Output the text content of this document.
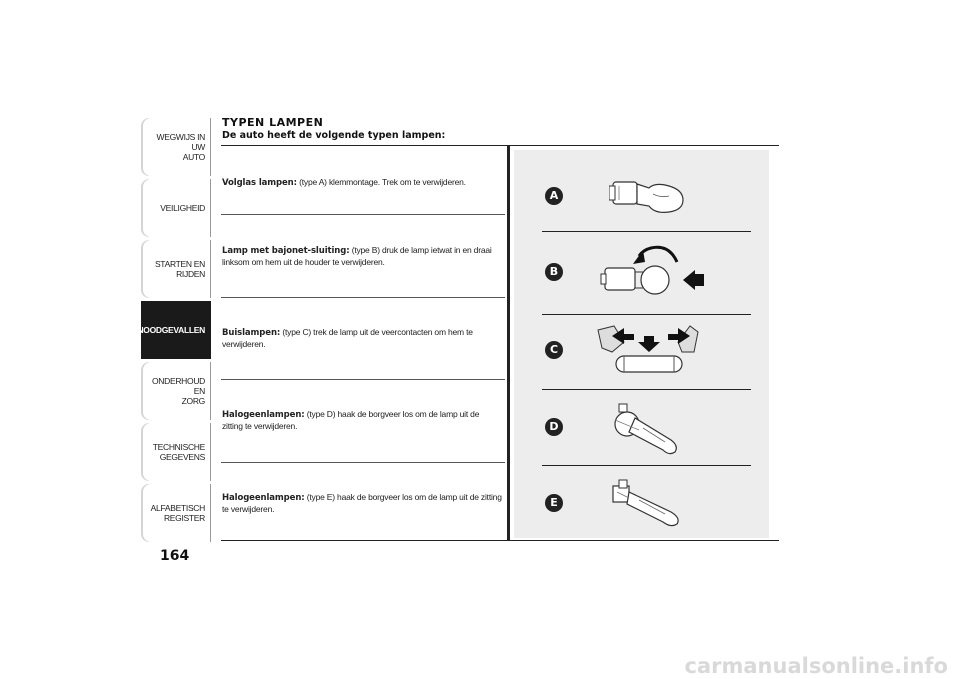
WEGWIJS IN UW
AUTO
VEILIGHEID
STARTEN EN RIJDEN
NOODGEVALLEN
ONDERHOUD EN
ZORG
TECHNISCHE
GEGEVENS
ALFABETISCH
REGISTER
164
TYPEN LAMPEN
De auto heeft de volgende typen lampen:
Volglas lampen: (type A) klemmontage. Trek om te verwijderen.
Lamp met bajonet-sluiting: (type B) druk de lamp ietwat in en draai linksom om hem uit de houder te verwijderen.
Buislampen: (type C) trek de lamp uit de veercontacten om hem te verwijderen.
Halogeenlampen: (type D) haak de borgveer los om de lamp uit de zitting te verwijderen.
Halogeenlampen: (type E) haak de borgveer los om de lamp uit de zitting te verwijderen.
A
B
C
D
E
carmanualsonline.info
